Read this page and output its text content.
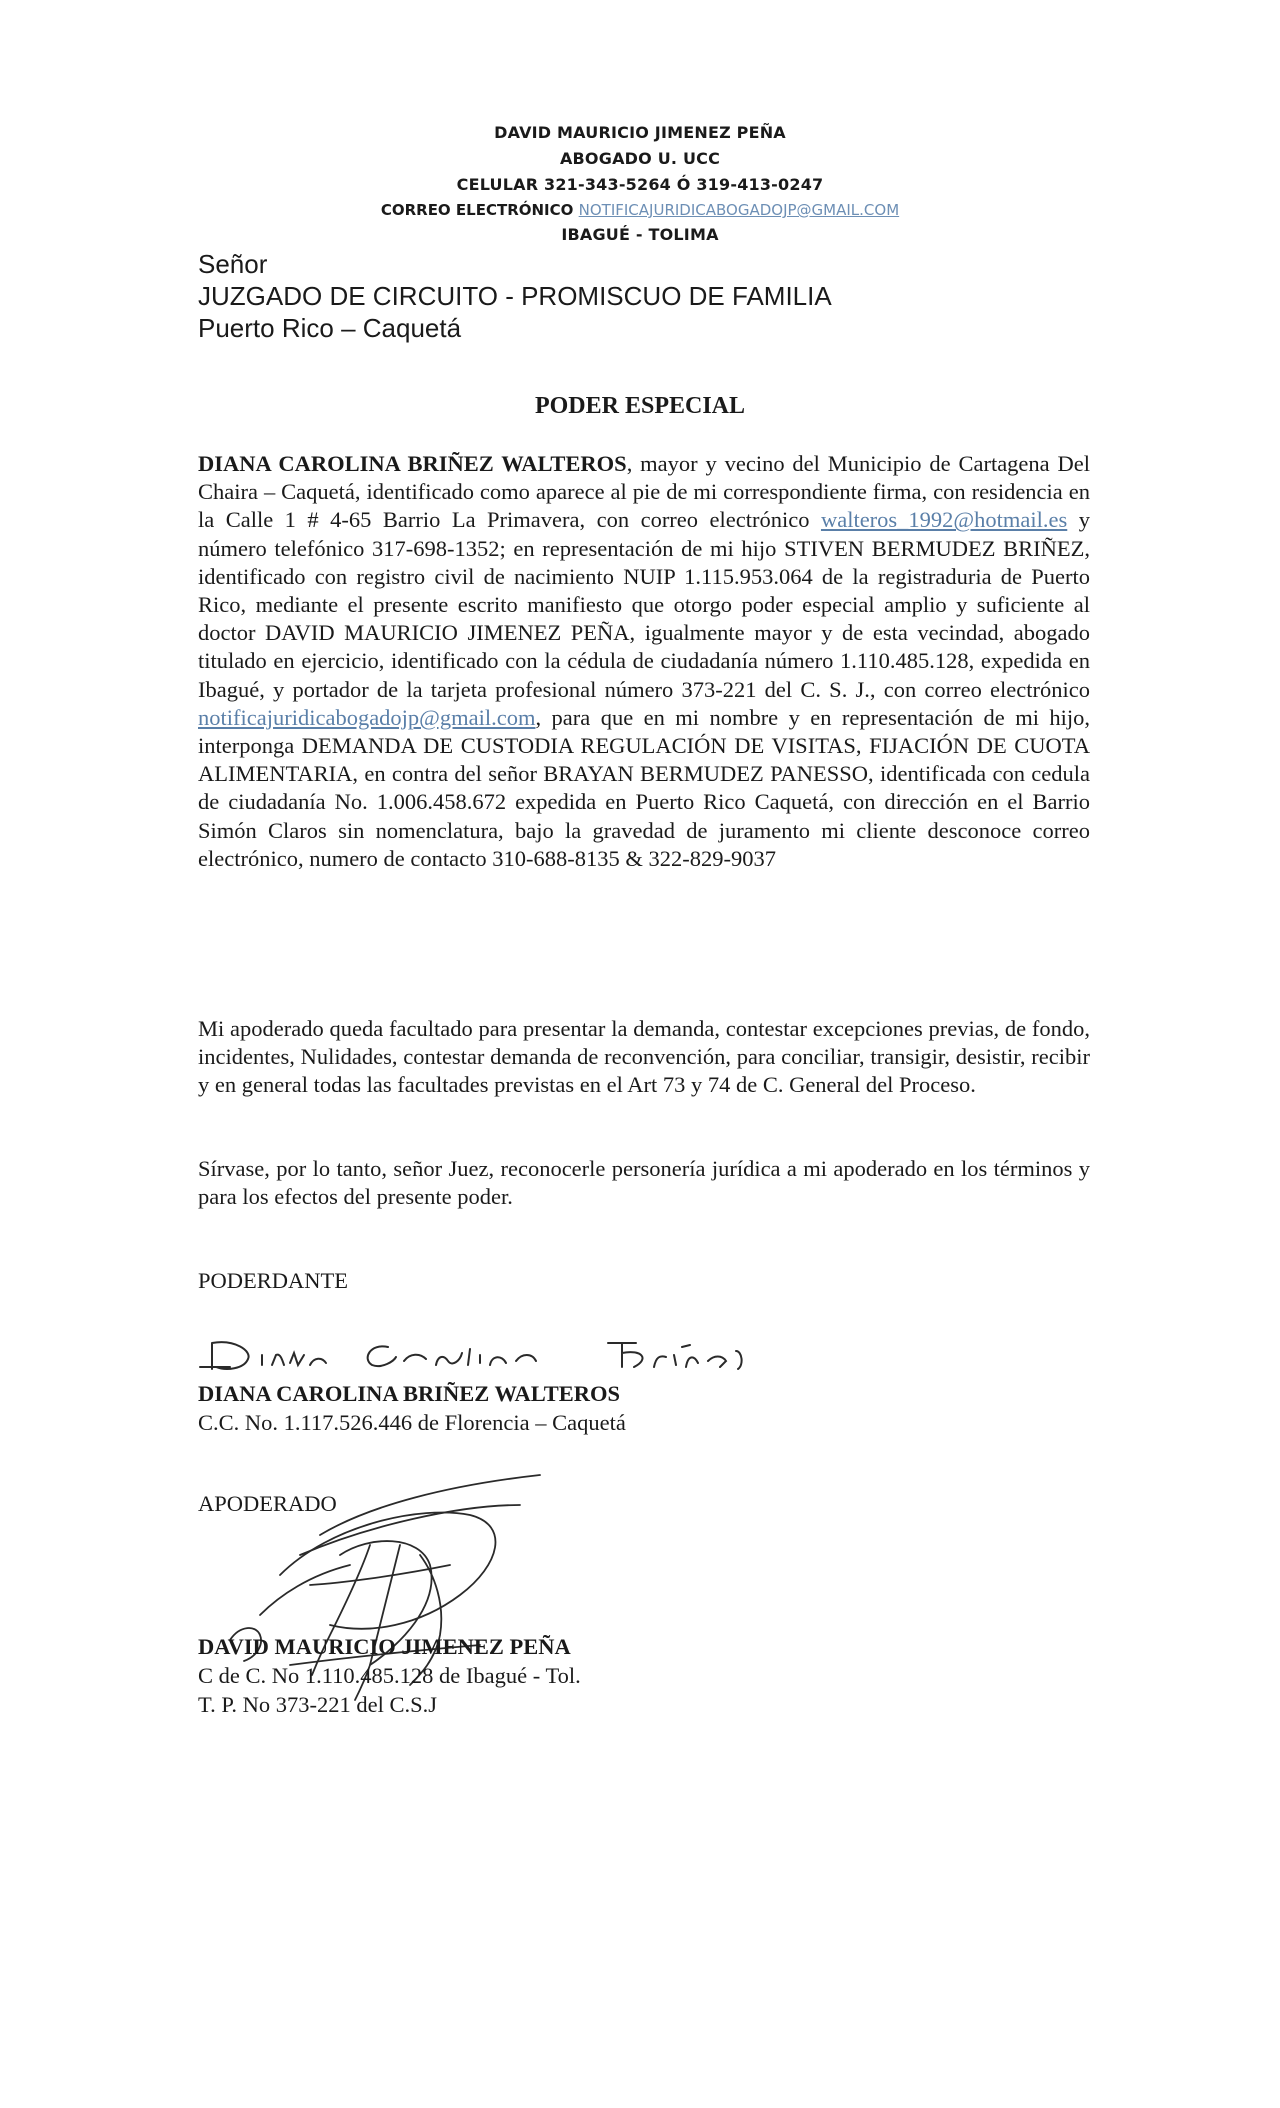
DAVID MAURICIO JIMENEZ PEÑA
ABOGADO U. UCC
CELULAR 321-343-5264 Ó 319-413-0247
CORREO ELECTRÓNICO NOTIFICAJURIDICABOGADOJP@GMAIL.COM
IBAGUÉ - TOLIMA
Señor
JUZGADO DE CIRCUITO - PROMISCUO DE FAMILIA
Puerto Rico – Caquetá
PODER ESPECIAL
DIANA CAROLINA BRIÑEZ WALTEROS, mayor y vecino del Municipio de Cartagena Del Chaira – Caquetá, identificado como aparece al pie de mi correspondiente firma, con residencia en la Calle 1 # 4-65 Barrio La Primavera, con correo electrónico walteros_1992@hotmail.es y número telefónico 317-698-1352; en representación de mi hijo STIVEN BERMUDEZ BRIÑEZ, identificado con registro civil de nacimiento NUIP 1.115.953.064 de la registraduria de Puerto Rico, mediante el presente escrito manifiesto que otorgo poder especial amplio y suficiente al doctor DAVID MAURICIO JIMENEZ PEÑA, igualmente mayor y de esta vecindad, abogado titulado en ejercicio, identificado con la cédula de ciudadanía número 1.110.485.128, expedida en Ibagué, y portador de la tarjeta profesional número 373-221 del C. S. J., con correo electrónico notificajuridicabogadojp@gmail.com, para que en mi nombre y en representación de mi hijo, interponga DEMANDA DE CUSTODIA REGULACIÓN DE VISITAS, FIJACIÓN DE CUOTA ALIMENTARIA, en contra del señor BRAYAN BERMUDEZ PANESSO, identificada con cedula de ciudadanía No. 1.006.458.672 expedida en Puerto Rico Caquetá, con dirección en el Barrio Simón Claros sin nomenclatura, bajo la gravedad de juramento mi cliente desconoce correo electrónico, numero de contacto 310-688-8135 & 322-829-9037
Mi apoderado queda facultado para presentar la demanda, contestar excepciones previas, de fondo, incidentes, Nulidades, contestar demanda de reconvención, para conciliar, transigir, desistir, recibir y en general todas las facultades previstas en el Art 73 y 74 de C. General del Proceso.
Sírvase, por lo tanto, señor Juez, reconocerle personería jurídica a mi apoderado en los términos y para los efectos del presente poder.
PODERDANTE
DIANA CAROLINA BRIÑEZ WALTEROS
C.C. No. 1.117.526.446 de Florencia – Caquetá
APODERADO
DAVID MAURICIO JIMENEZ PEÑA
C de C. No 1.110.485.128 de Ibagué - Tol.
T. P. No 373-221 del C.S.J
